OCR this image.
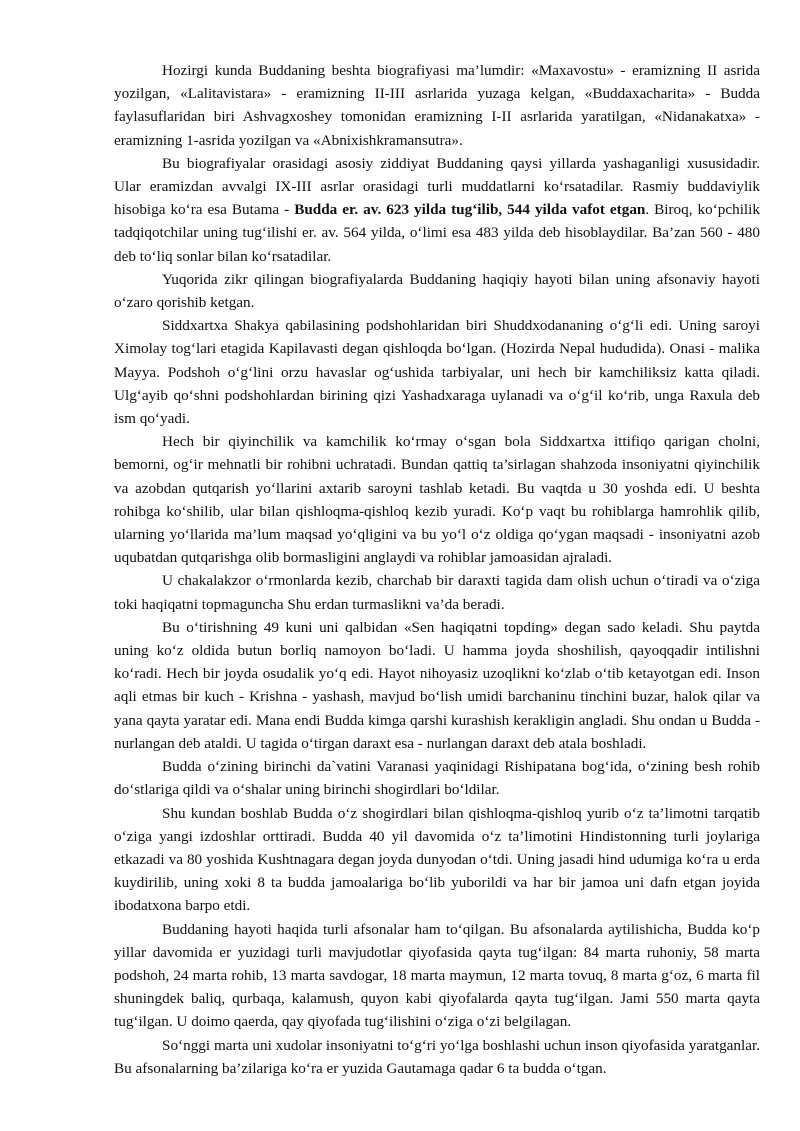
Hozirgi kunda Buddaning beshta biografiyasi ma’lumdir: «Maxavostu» - eramizning II asrida yozilgan, «Lalitavistara» - eramizning II-III asrlarida yuzaga kelgan, «Buddaxacharita» - Budda faylasuflaridan biri Ashvagxoshey tomonidan eramizning I-II asrlarida yaratilgan, «Nidanakatxa» - eramizning 1-asrida yozilgan va «Abnixishkramansutra».

Bu biografiyalar orasidagi asosiy ziddiyat Buddaning qaysi yillarda yashaganligi xususidadir. Ular eramizdan avvalgi IX-III asrlar orasidagi turli muddatlarni ko‘rsatadilar. Rasmiy buddaviylik hisobiga ko‘ra esa Butama - Budda er. av. 623 yilda tug‘ilib, 544 yilda vafot etgan. Biroq, ko‘pchilik tadqiqotchilar uning tug‘ilishi er. av. 564 yilda, o‘limi esa 483 yilda deb hisoblaydilar. Ba’zan 560 - 480 deb to‘liq sonlar bilan ko‘rsatadilar.

Yuqorida zikr qilingan biografiyalarda Buddaning haqiqiy hayoti bilan uning afsonaviy hayoti o‘zaro qorishib ketgan.

Siddxartxa Shakya qabilasining podshohlaridan biri Shuddxodananing o‘g‘li edi. Uning saroyi Ximolay tog‘lari etagida Kapilavasti degan qishloqda bo‘lgan. (Hozirda Nepal hududida). Onasi - malika Mayya. Podshoh o‘g‘lini orzu havaslar og‘ushida tarbiyalar, uni hech bir kamchiliksiz katta qiladi. Ulg‘ayib qo‘shni podshohlardan birining qizi Yashadxaraga uylanadi va o‘g‘il ko‘rib, unga Raxula deb ism qo‘yadi.

Hech bir qiyinchilik va kamchilik ko‘rmay o‘sgan bola Siddxartxa ittifiqo qarigan cholni, bemorni, og‘ir mehnatli bir rohibni uchratadi. Bundan qattiq ta’sirlagan shahzoda insoniyatni qiyinchilik va azobdan qutqarish yo‘llarini axtarib saroyni tashlab ketadi. Bu vaqtda u 30 yoshda edi. U beshta rohibga ko‘shilib, ular bilan qishloqma-qishloq kezib yuradi. Ko‘p vaqt bu rohiblarga hamrohlik qilib, ularning yo‘llarida ma’lum maqsad yo‘qligini va bu yo‘l o‘z oldiga qo‘ygan maqsadi - insoniyatni azob uqubatdan qutqarishga olib bormasligini anglaydi va rohiblar jamoasidan ajraladi.

U chakalakzor o‘rmonlarda kezib, charchab bir daraxti tagida dam olish uchun o‘tiradi va o‘ziga toki haqiqatni topmaguncha Shu erdan turmaslikni va’da beradi.

Bu o‘tirishning 49 kuni uni qalbidan «Sen haqiqatni topding» degan sado keladi. Shu paytda uning ko‘z oldida butun borliq namoyon bo‘ladi. U hamma joyda shoshilish, qayoqqadir intilishni ko‘radi. Hech bir joyda osudalik yo‘q edi. Hayot nihoyasiz uzoqlikni ko‘zlab o‘tib ketayotgan edi. Inson aqli etmas bir kuch - Krishna - yashash, mavjud bo‘lish umidi barchaninu tinchini buzar, halok qilar va yana qayta yaratar edi. Mana endi Budda kimga qarshi kurashish kerakligin angladi. Shu ondan u Budda - nurlangan deb ataldi. U tagida o‘tirgan daraxt esa - nurlangan daraxt deb atala boshladi.

Budda o‘zining birinchi da`vatini Varanasi yaqinidagi Rishipatana bog‘ida, o‘zining besh rohib do‘stlariga qildi va o‘shalar uning birinchi shogirdlari bo‘ldilar.

Shu kundan boshlab Budda o‘z shogirdlari bilan qishloqma-qishloq yurib o‘z ta’limotni tarqatib o‘ziga yangi izdoshlar orttiradi. Budda 40 yil davomida o‘z ta’limotini Hindistonning turli joylariga etkazadi va 80 yoshida Kushtnagara degan joyda dunyodan o‘tdi. Uning jasadi hind udumiga ko‘ra u erda kuydirilib, uning xoki 8 ta budda jamoalariga bo‘lib yuborildi va har bir jamoa uni dafn etgan joyida ibodatxona barpo etdi.

Buddaning hayoti haqida turli afsonalar ham to‘qilgan. Bu afsonalarda aytilishicha, Budda ko‘p yillar davomida er yuzidagi turli mavjudotlar qiyofasida qayta tug‘ilgan: 84 marta ruhoniy, 58 marta podshoh, 24 marta rohib, 13 marta savdogar, 18 marta maymun, 12 marta tovuq, 8 marta g‘oz, 6 marta fil shuningdek baliq, qurbaqa, kalamush, quyon kabi qiyofalarda qayta tug‘ilgan. Jami 550 marta qayta tug‘ilgan. U doimo qaerda, qay qiyofada tug‘ilishini o‘ziga o‘zi belgilagan.

So‘nggi marta uni xudolar insoniyatni to‘g‘ri yo‘lga boshlashi uchun inson qiyofasida yaratganlar. Bu afsonalarning ba’zilariga ko‘ra er yuzida Gautamaga qadar 6 ta budda o‘tgan.
